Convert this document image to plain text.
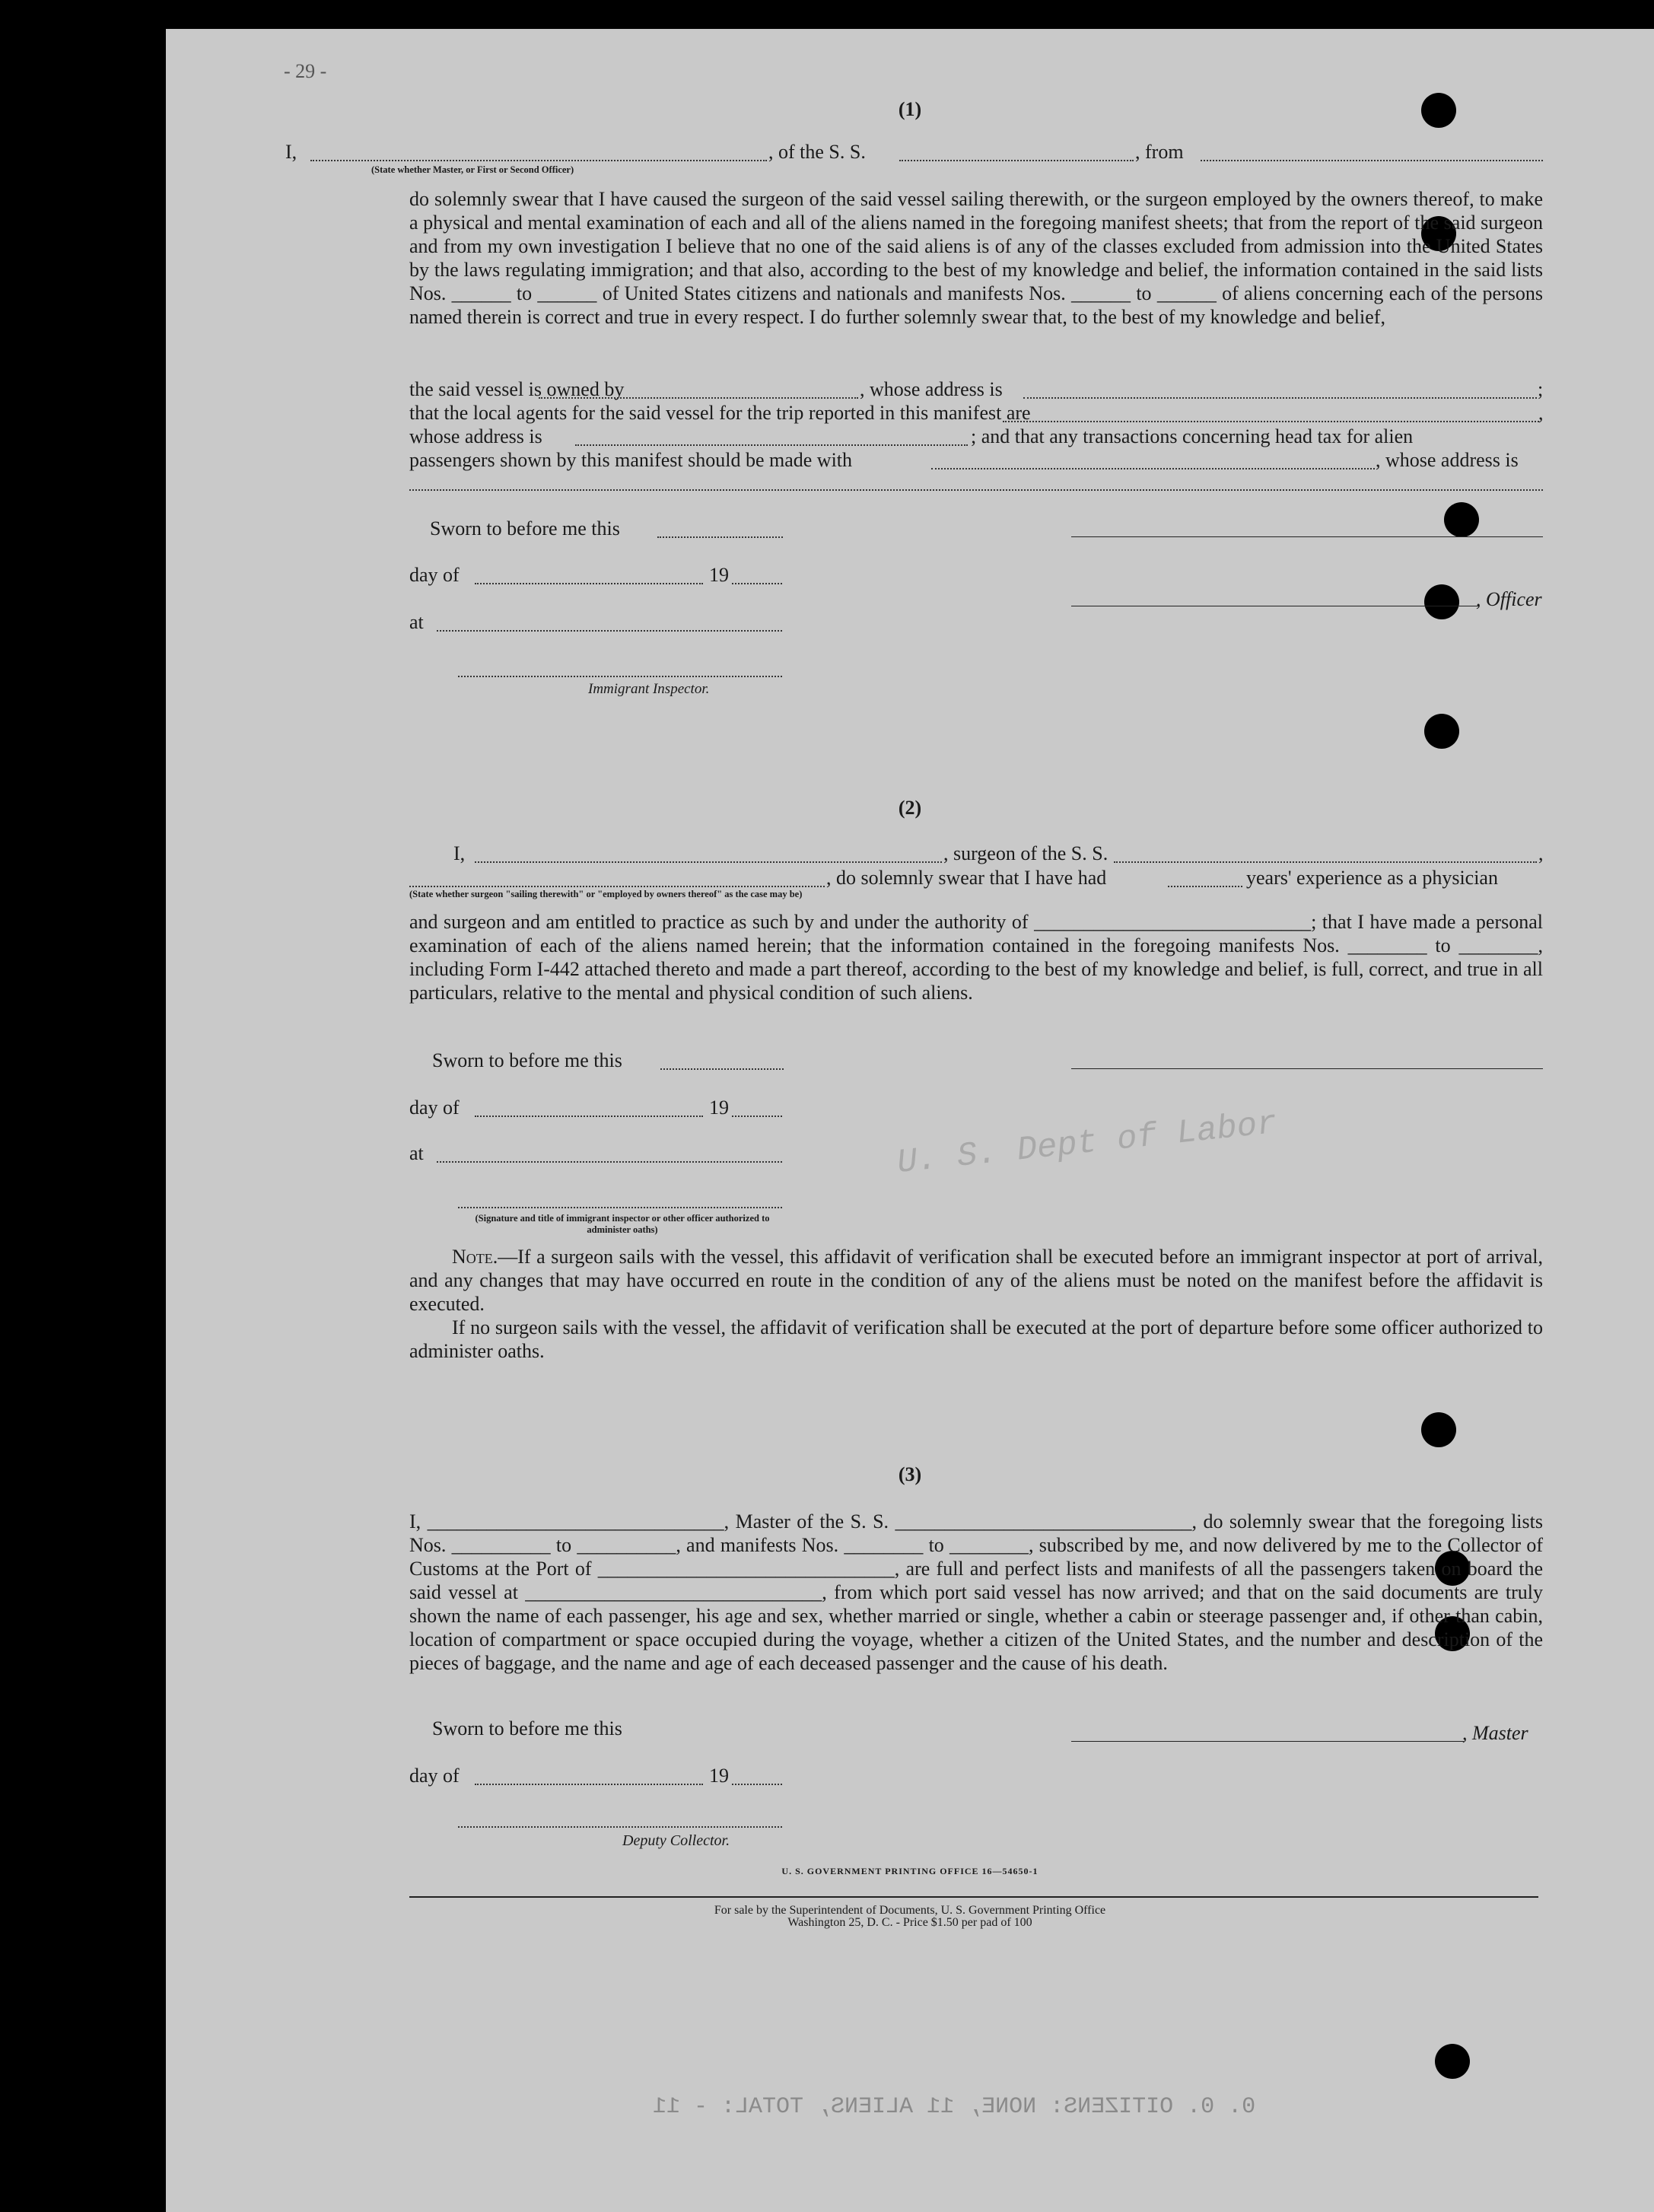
- 29 -
(1)
I,	, of the S. S.	, from
(State whether Master, or First or Second Officer)
do solemnly swear that I have caused the surgeon of the said vessel sailing therewith, or the surgeon employed by the owners thereof, to make a physical and mental examination of each and all of the aliens named in the foregoing manifest sheets; that from the report of the said surgeon and from my own investigation I believe that no one of the said aliens is of any of the classes excluded from admission into the United States by the laws regulating immigration; and that also, according to the best of my knowledge and belief, the information contained in the said lists Nos. ______ to ______ of United States citizens and nationals and manifests Nos. ______ to ______ of aliens concerning each of the persons named therein is correct and true in every respect. I do further solemnly swear that, to the best of my knowledge and belief,
the said vessel is owned by	, whose address is	;
that the local agents for the said vessel for the trip reported in this manifest are	,
whose address is	; and that any transactions concerning head tax for alien
passengers shown by this manifest should be made with	, whose address is
Sworn to before me this
day of	19
, Officer
at
Immigrant Inspector.
(2)
I,	, surgeon of the S. S.	,
, do solemnly swear that I have had	years' experience as a physician
(State whether surgeon "sailing therewith" or "employed by owners thereof" as the case may be)
and surgeon and am entitled to practice as such by and under the authority of ____________________________; that I have made a personal examination of each of the aliens named herein; that the information contained in the foregoing manifests Nos. ________ to ________, including Form I-442 attached thereto and made a part thereof, according to the best of my knowledge and belief, is full, correct, and true in all particulars, relative to the mental and physical condition of such aliens.
Sworn to before me this
day of	19
at
(Signature and title of immigrant inspector or other officer authorized to administer oaths)
Note.—If a surgeon sails with the vessel, this affidavit of verification shall be executed before an immigrant inspector at port of arrival, and any changes that may have occurred en route in the condition of any of the aliens must be noted on the manifest before the affidavit is executed.
If no surgeon sails with the vessel, the affidavit of verification shall be executed at the port of departure before some officer authorized to administer oaths.
(3)
I, ______________________________, Master of the S. S. ______________________________, do solemnly swear that the foregoing lists Nos. __________ to __________, and manifests Nos. ________ to ________, subscribed by me, and now delivered by me to the Collector of Customs at the Port of ______________________________, are full and perfect lists and manifests of all the passengers taken on board the said vessel at ______________________________, from which port said vessel has now arrived; and that on the said documents are truly shown the name of each passenger, his age and sex, whether married or single, whether a cabin or steerage passenger and, if other than cabin, location of compartment or space occupied during the voyage, whether a citizen of the United States, and the number and description of the pieces of baggage, and the name and age of each deceased passenger and the cause of his death.
Sworn to before me this	, Master
day of	19
Deputy Collector.
U. S. GOVERNMENT PRINTING OFFICE 16—54650-1
For sale by the Superintendent of Documents, U. S. Government Printing Office
Washington 25, D. C. - Price $1.50 per pad of 100
0. 0. OITIZENS: NONE, 11 ALIENS, TOTAL: - 11
U. S. Dept of Labor
